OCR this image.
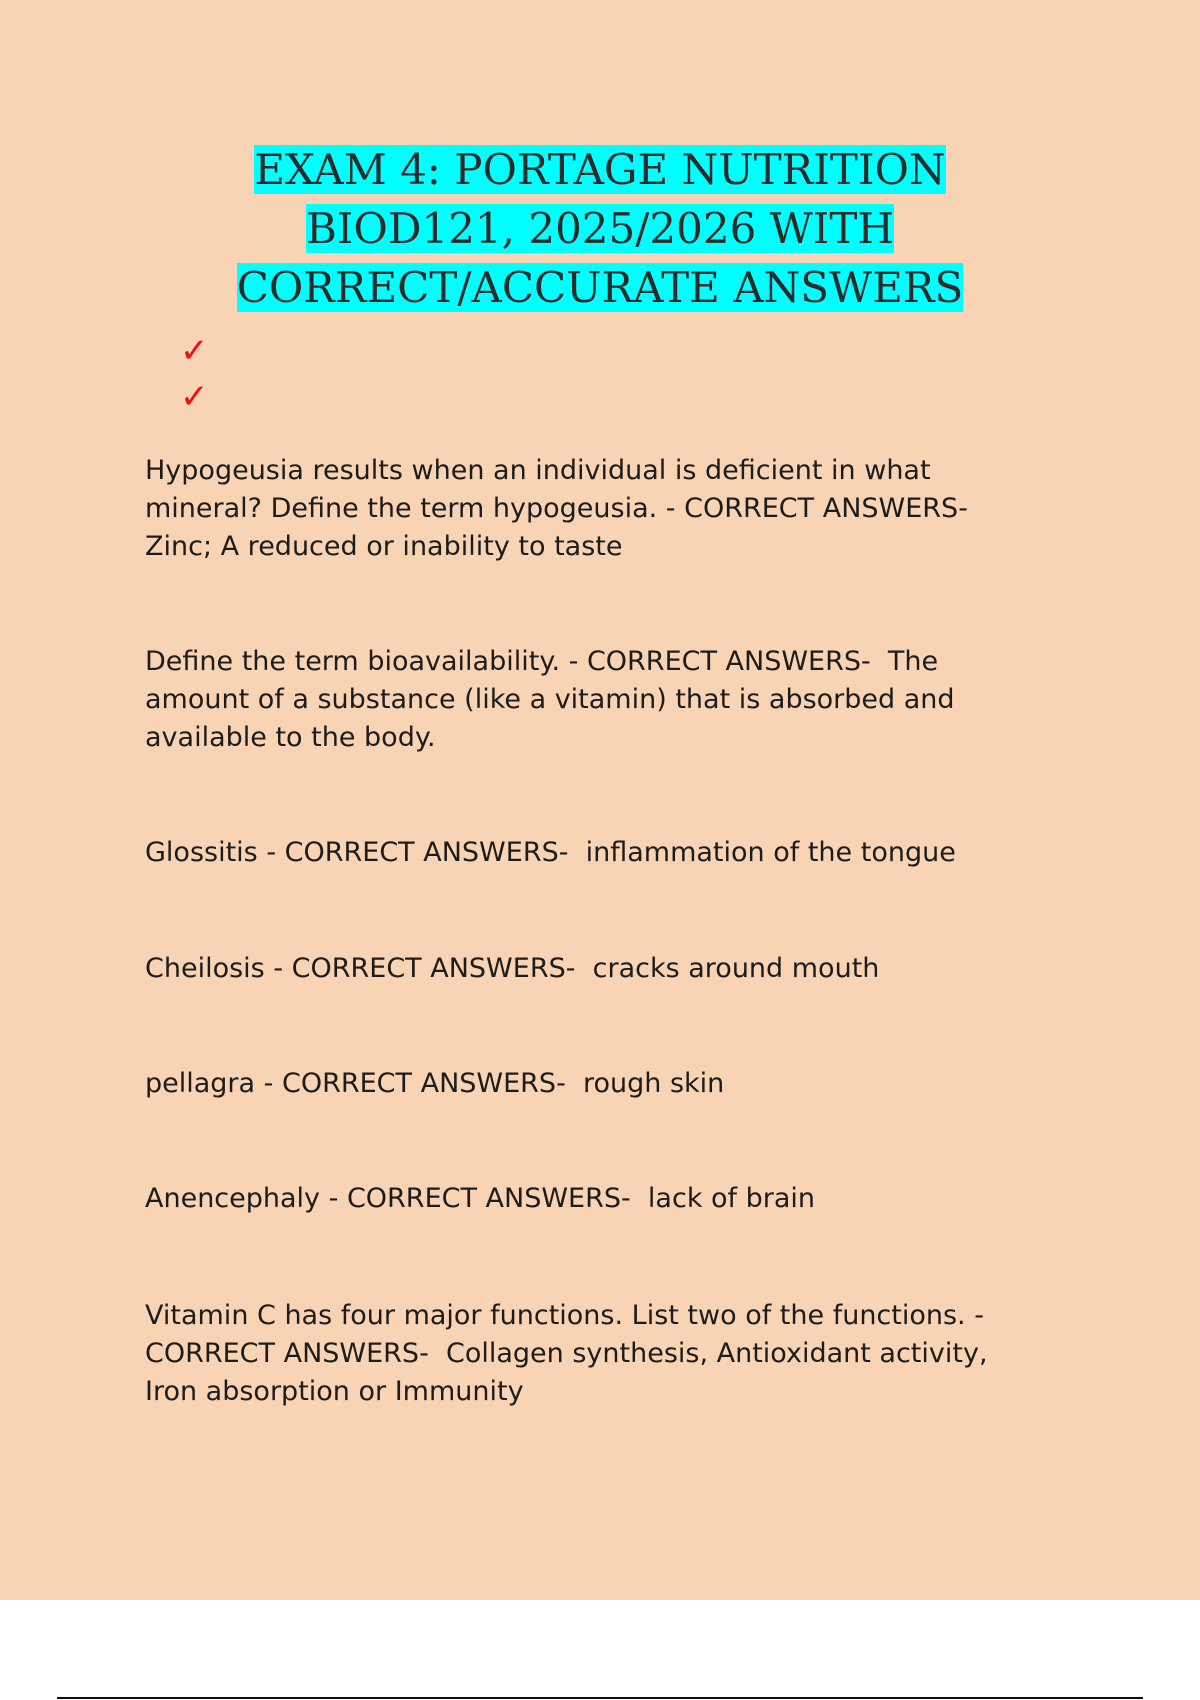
EXAM 4: PORTAGE NUTRITION
BIOD121, 2025/2026 WITH
CORRECT/ACCURATE ANSWERS
✓
✓

Hypogeusia results when an individual is deficient in what
mineral? Define the term hypogeusia. - CORRECT ANSWERS-
Zinc; A reduced or inability to taste

Define the term bioavailability. - CORRECT ANSWERS-  The
amount of a substance (like a vitamin) that is absorbed and
available to the body.

Glossitis - CORRECT ANSWERS-  inflammation of the tongue

Cheilosis - CORRECT ANSWERS-  cracks around mouth

pellagra - CORRECT ANSWERS-  rough skin

Anencephaly - CORRECT ANSWERS-  lack of brain

Vitamin C has four major functions. List two of the functions. -
CORRECT ANSWERS-  Collagen synthesis, Antioxidant activity,
Iron absorption or Immunity
